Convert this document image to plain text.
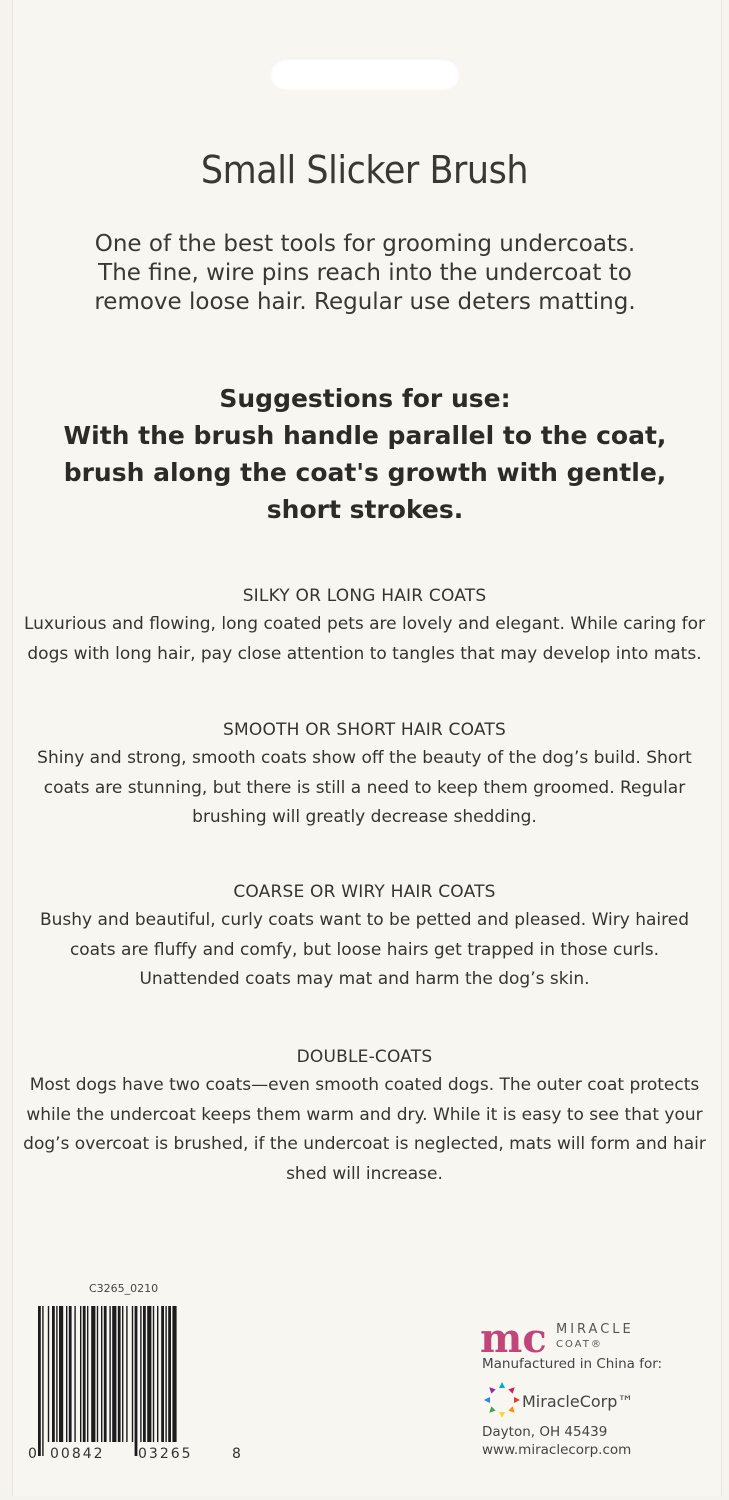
Small Slicker Brush
One of the best tools for grooming undercoats. The fine, wire pins reach into the undercoat to remove loose hair. Regular use deters matting.
Suggestions for use:
With the brush handle parallel to the coat, brush along the coat's growth with gentle, short strokes.
SILKY OR LONG HAIR COATS
Luxurious and flowing, long coated pets are lovely and elegant. While caring for dogs with long hair, pay close attention to tangles that may develop into mats.
SMOOTH OR SHORT HAIR COATS
Shiny and strong, smooth coats show off the beauty of the dog’s build. Short coats are stunning, but there is still a need to keep them groomed. Regular brushing will greatly decrease shedding.
COARSE OR WIRY HAIR COATS
Bushy and beautiful, curly coats want to be petted and pleased. Wiry haired coats are fluffy and comfy, but loose hairs get trapped in those curls. Unattended coats may mat and harm the dog’s skin.
DOUBLE-COATS
Most dogs have two coats—even smooth coated dogs. The outer coat protects while the undercoat keeps them warm and dry. While it is easy to see that your dog’s overcoat is brushed, if the undercoat is neglected, mats will form and hair shed will increase.
C3265_0210
0 00842 03265	8
mc MIRACLE
COAT®
Manufactured in China for:
MiracleCorp™
Dayton, OH 45439
www.miraclecorp.com
